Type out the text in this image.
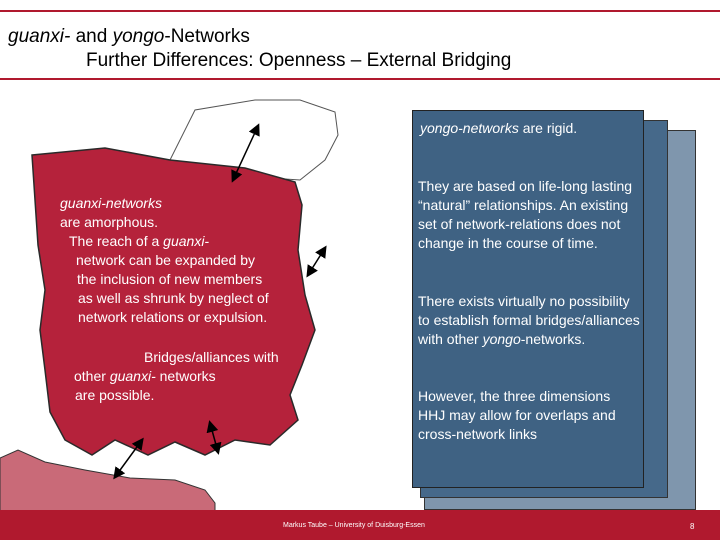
guanxi- and yongo-Networks
Further Differences: Openness – External Bridging
yongo-networks are rigid.
They are based on life-long lasting “natural” relationships. An existing set of network-relations does not change in the course of time.
There exists virtually no possibility to establish formal bridges/alliances with other yongo-networks.
However, the three dimensions HHJ may allow for overlaps and cross-network links
guanxi-networks
are amorphous.
The reach of a guanxi-
network can be expanded by
the inclusion of new members
as well as shrunk by neglect of
network relations or expulsion.
Bridges/alliances with
other guanxi- networks
are possible.
Markus Taube – University of Duisburg-Essen	8
